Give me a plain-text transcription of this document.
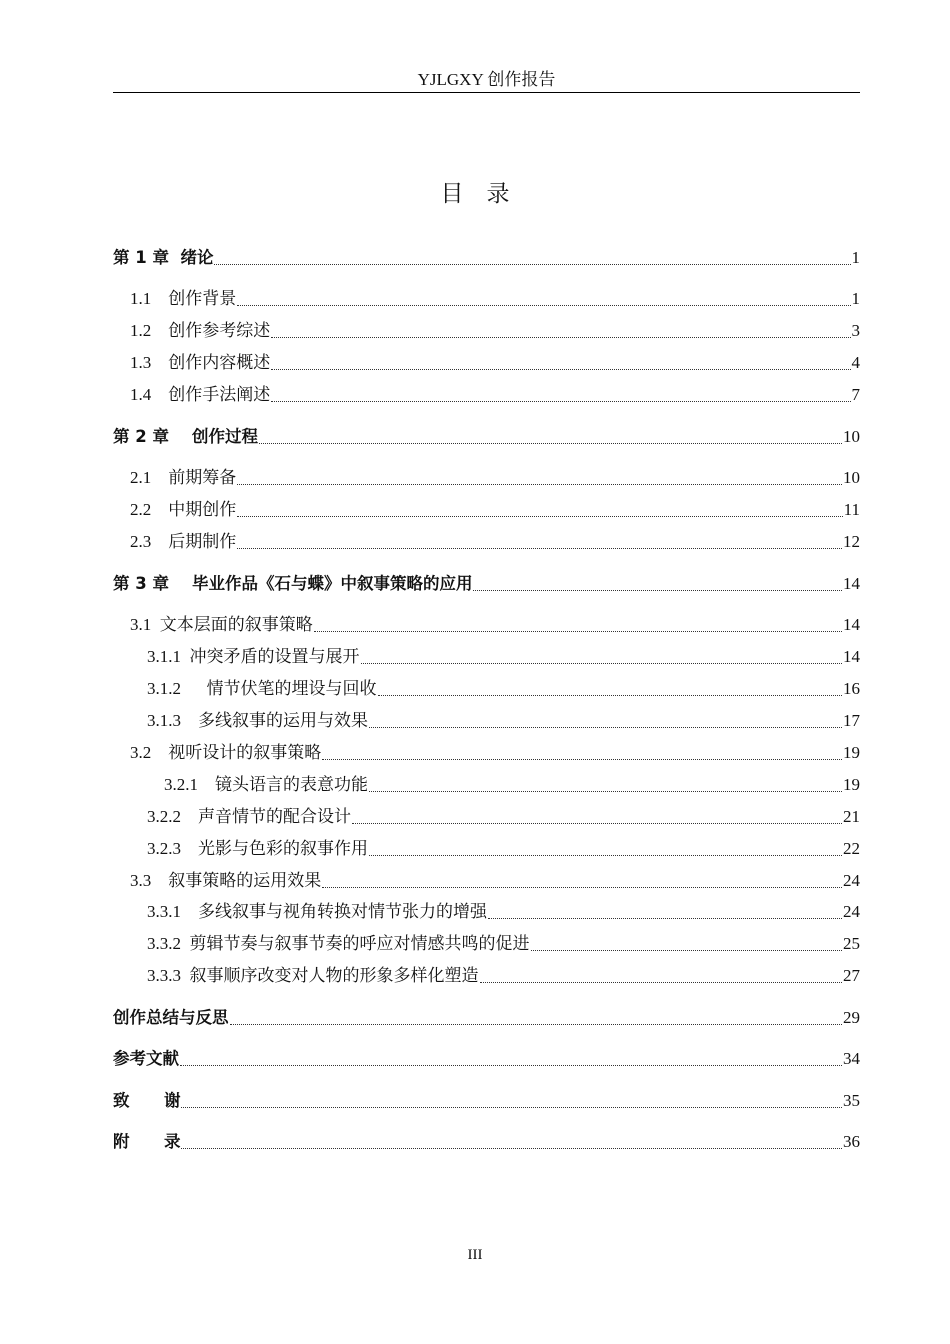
YJLGXY 创作报告
目    录
第 1 章  绪论	1
1.1    创作背景	1
1.2    创作参考综述	3
1.3    创作内容概述	4
1.4    创作手法阐述	7
第 2 章    创作过程	10
2.1    前期筹备	10
2.2    中期创作	11
2.3    后期制作	12
第 3 章    毕业作品《石与蝶》中叙事策略的应用	14
3.1  文本层面的叙事策略	14
3.1.1  冲突矛盾的设置与展开	14
3.1.2      情节伏笔的埋设与回收	16
3.1.3    多线叙事的运用与效果	17
3.2    视听设计的叙事策略	19
3.2.1    镜头语言的表意功能	19
3.2.2    声音情节的配合设计	21
3.2.3    光影与色彩的叙事作用	22
3.3    叙事策略的运用效果	24
3.3.1    多线叙事与视角转换对情节张力的增强	24
3.3.2  剪辑节奏与叙事节奏的呼应对情感共鸣的促进	25
3.3.3  叙事顺序改变对人物的形象多样化塑造	27
创作总结与反思	29
参考文献	34
致      谢	35
附      录	36
III
